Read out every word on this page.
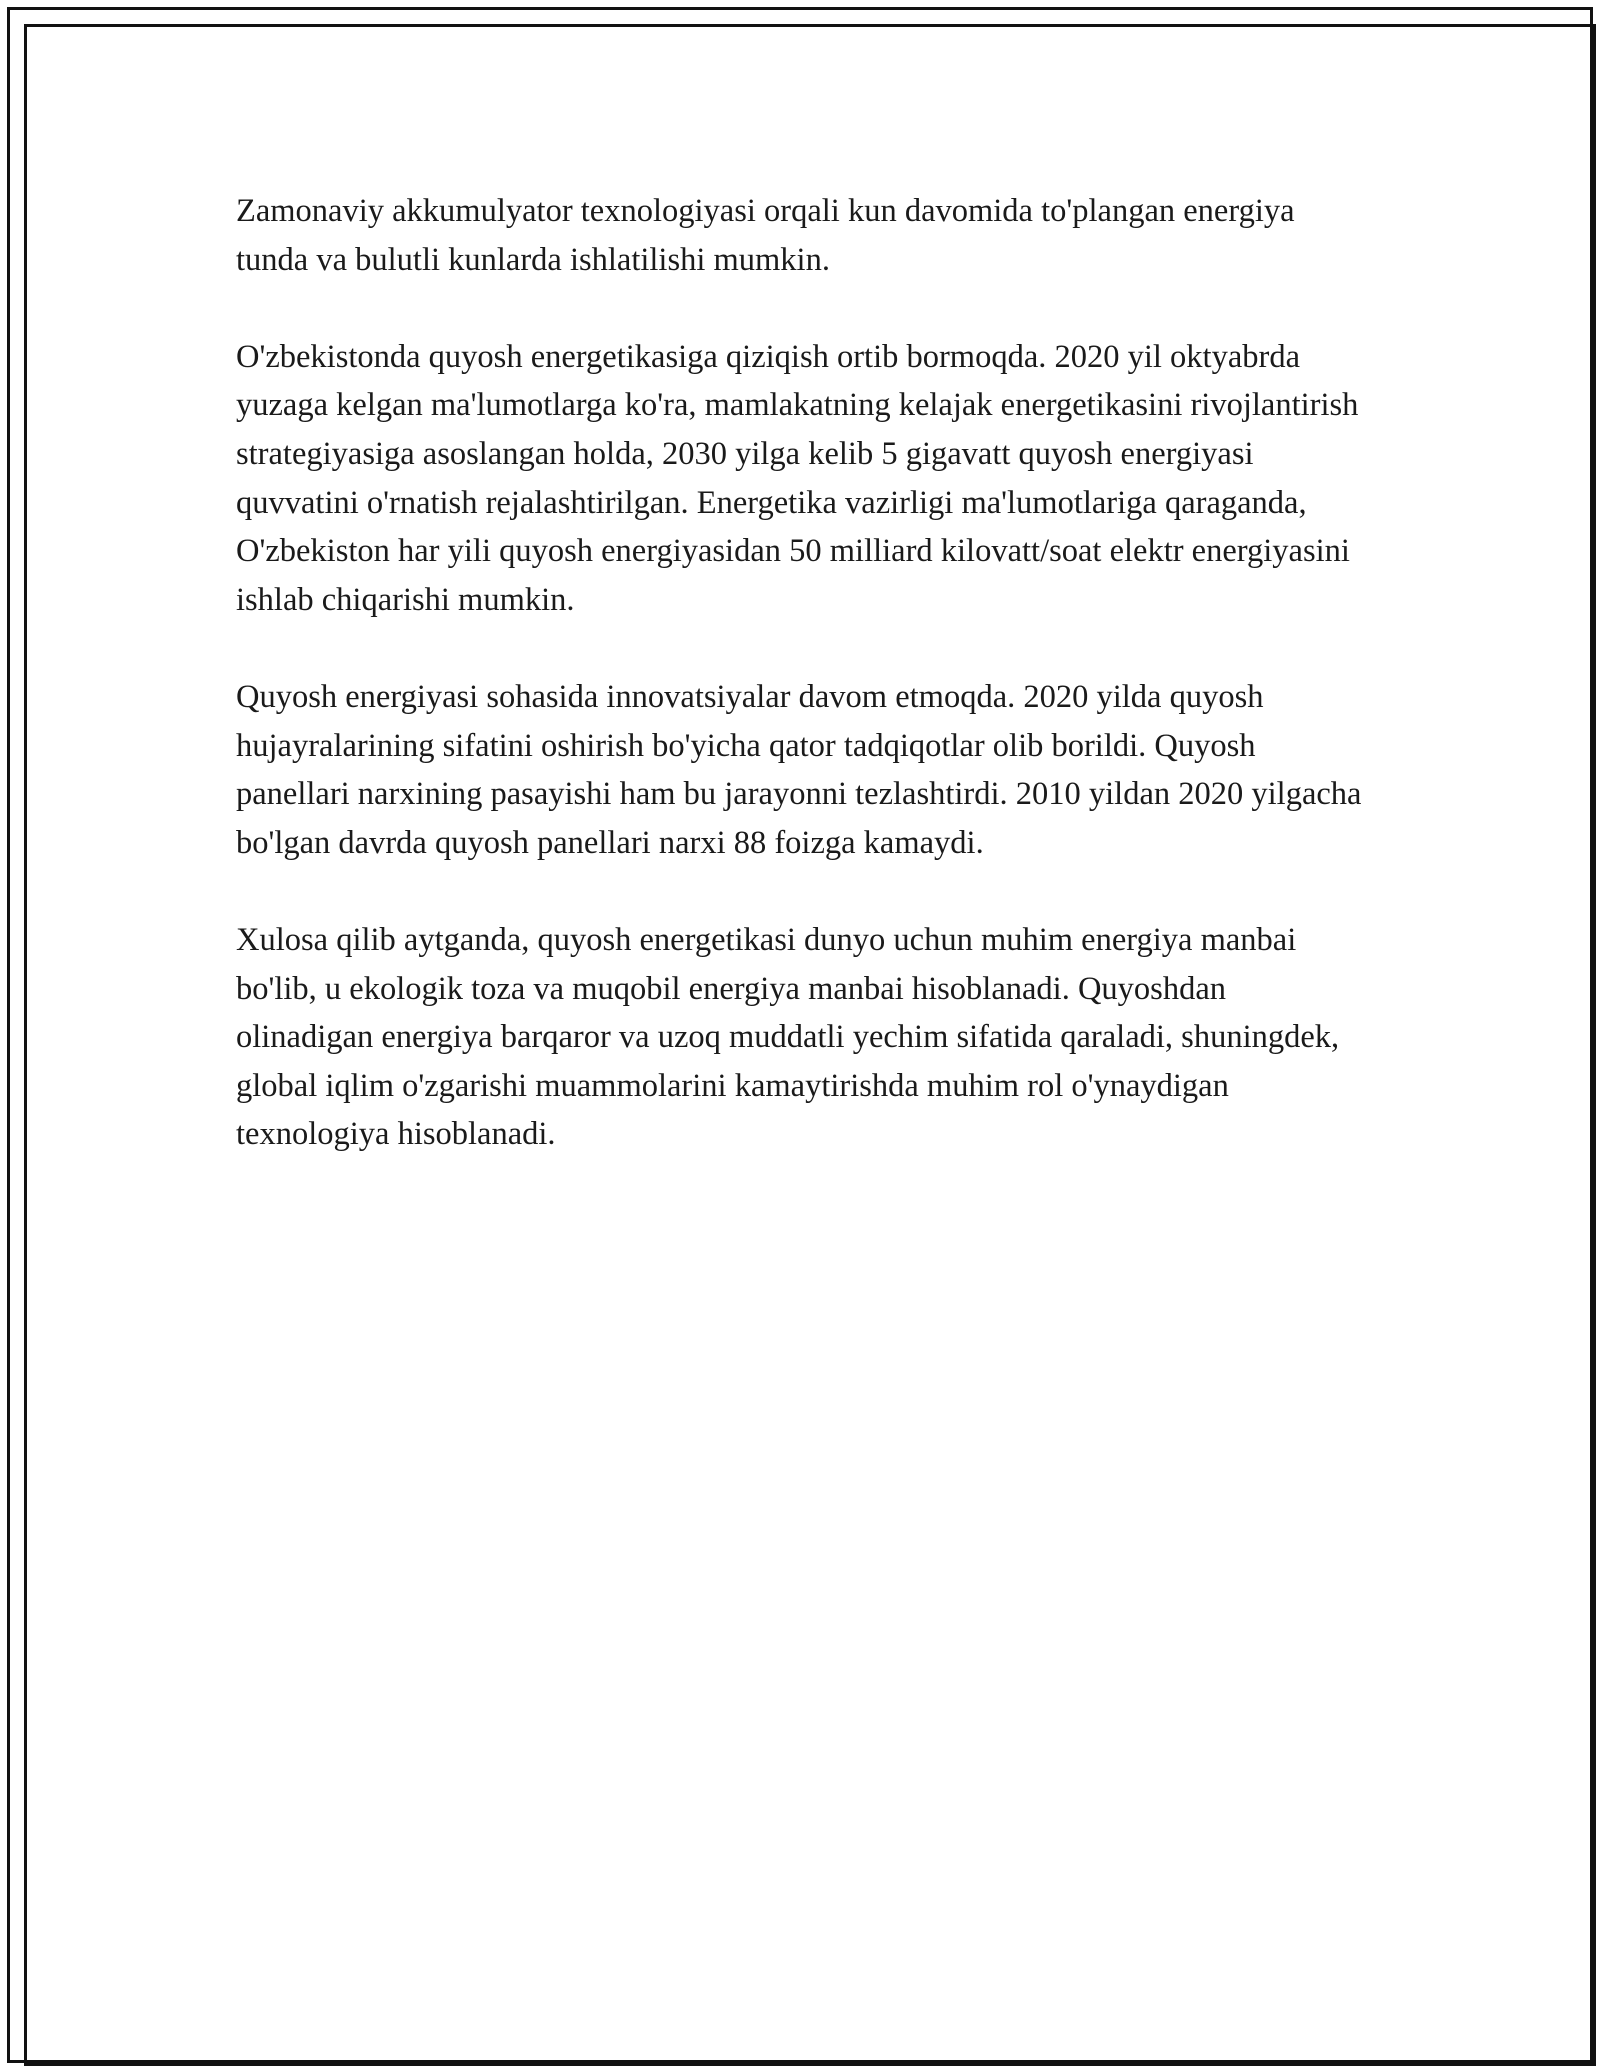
Zamonaviy akkumulyator texnologiyasi orqali kun davomida to'plangan energiya tunda va bulutli kunlarda ishlatilishi mumkin.

O'zbekistonda quyosh energetikasiga qiziqish ortib bormoqda. 2020 yil oktyabrda yuzaga kelgan ma'lumotlarga ko'ra, mamlakatning kelajak energetikasini rivojlantirish strategiyasiga asoslangan holda, 2030 yilga kelib 5 gigavatt quyosh energiyasi quvvatini o'rnatish rejalashtirilgan. Energetika vazirligi ma'lumotlariga qaraganda, O'zbekiston har yili quyosh energiyasidan 50 milliard kilovatt/soat elektr energiyasini ishlab chiqarishi mumkin.

Quyosh energiyasi sohasida innovatsiyalar davom etmoqda. 2020 yilda quyosh hujayralarining sifatini oshirish bo'yicha qator tadqiqotlar olib borildi. Quyosh panellari narxining pasayishi ham bu jarayonni tezlashtirdi. 2010 yildan 2020 yilgacha bo'lgan davrda quyosh panellari narxi 88 foizga kamaydi.

Xulosa qilib aytganda, quyosh energetikasi dunyo uchun muhim energiya manbai bo'lib, u ekologik toza va muqobil energiya manbai hisoblanadi. Quyoshdan olinadigan energiya barqaror va uzoq muddatli yechim sifatida qaraladi, shuningdek, global iqlim o'zgarishi muammolarini kamaytirishda muhim rol o'ynaydigan texnologiya hisoblanadi.
